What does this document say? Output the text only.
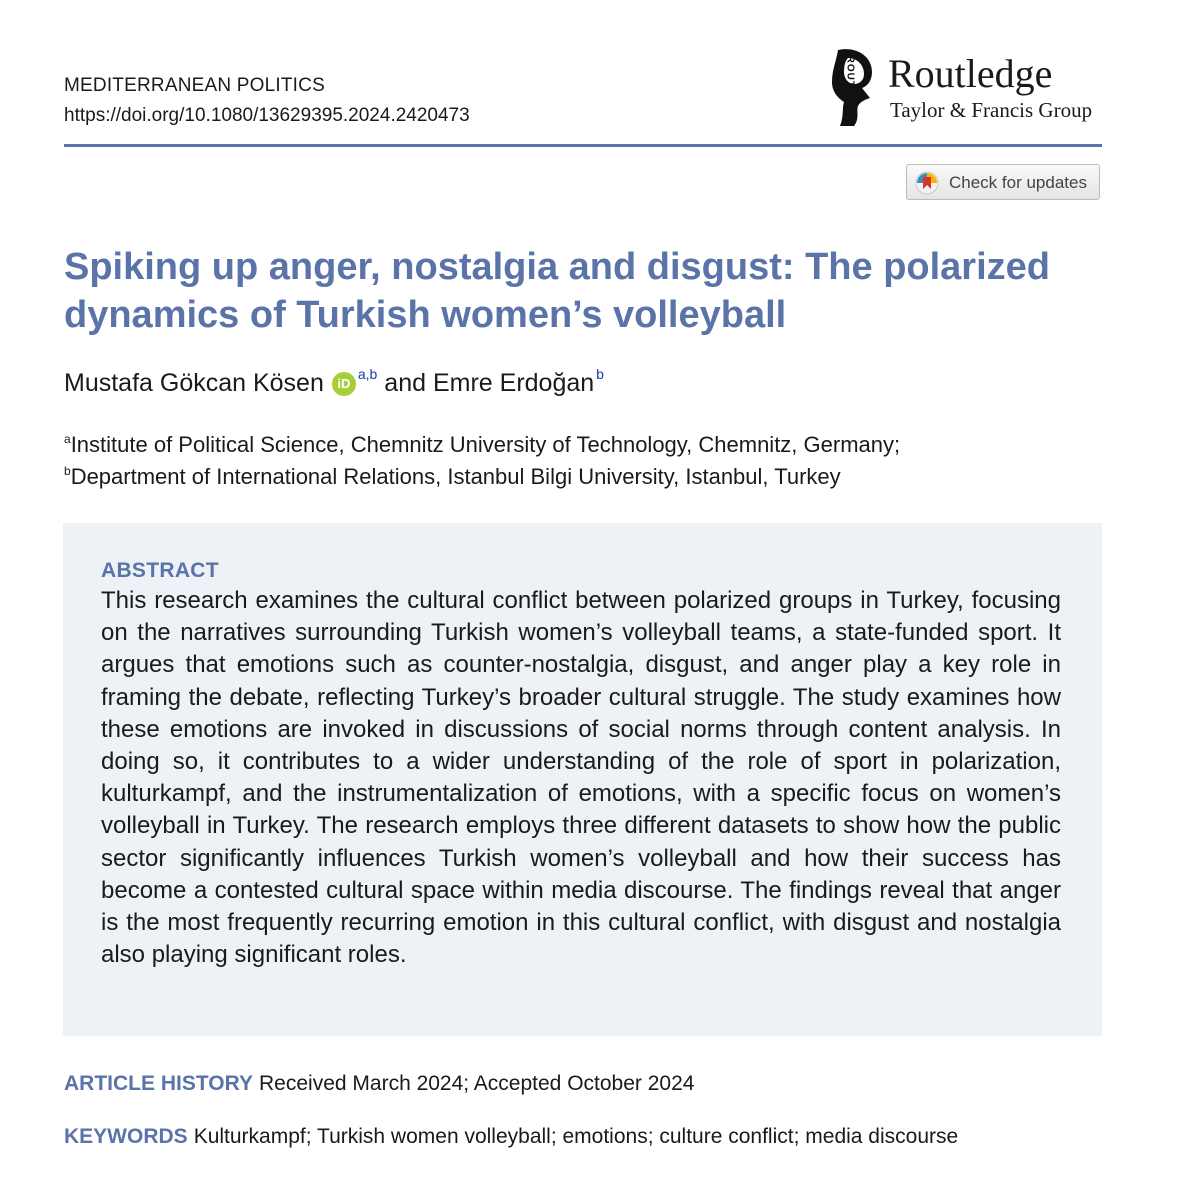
MEDITERRANEAN POLITICS
https://doi.org/10.1080/13629395.2024.2420473	ROUTLEDGE Routledge
Taylor & Francis Group
Check for updates
Spiking up anger, nostalgia and disgust: The polarized dynamics of Turkish women’s volleyball
Mustafa Gökcan Kösen iD$^{a,b}$ and Emre Erdoğan $^b$
$^a$Institute of Political Science, Chemnitz University of Technology, Chemnitz, Germany;
$^b$Department of International Relations, Istanbul Bilgi University, Istanbul, Turkey
ABSTRACT
This research examines the cultural conflict between polarized groups in Turkey, focusing on the narratives surrounding Turkish women’s volleyball teams, a state-funded sport. It argues that emotions such as counter-nostalgia, disgust, and anger play a key role in framing the debate, reflecting Turkey’s broader cultural struggle. The study examines how these emotions are invoked in discussions of social norms through content analysis. In doing so, it contributes to a wider understanding of the role of sport in polarization, kulturkampf, and the instrumentalization of emotions, with a specific focus on women’s volleyball in Turkey. The research employs three different datasets to show how the public sector significantly influences Turkish women’s volleyball and how their success has become a contested cultural space within media discourse. The findings reveal that anger is the most frequently recurring emotion in this cultural conflict, with disgust and nostalgia also playing significant roles.
ARTICLE HISTORY Received March 2024; Accepted October 2024
KEYWORDS Kulturkampf; Turkish women volleyball; emotions; culture conflict; media discourse
